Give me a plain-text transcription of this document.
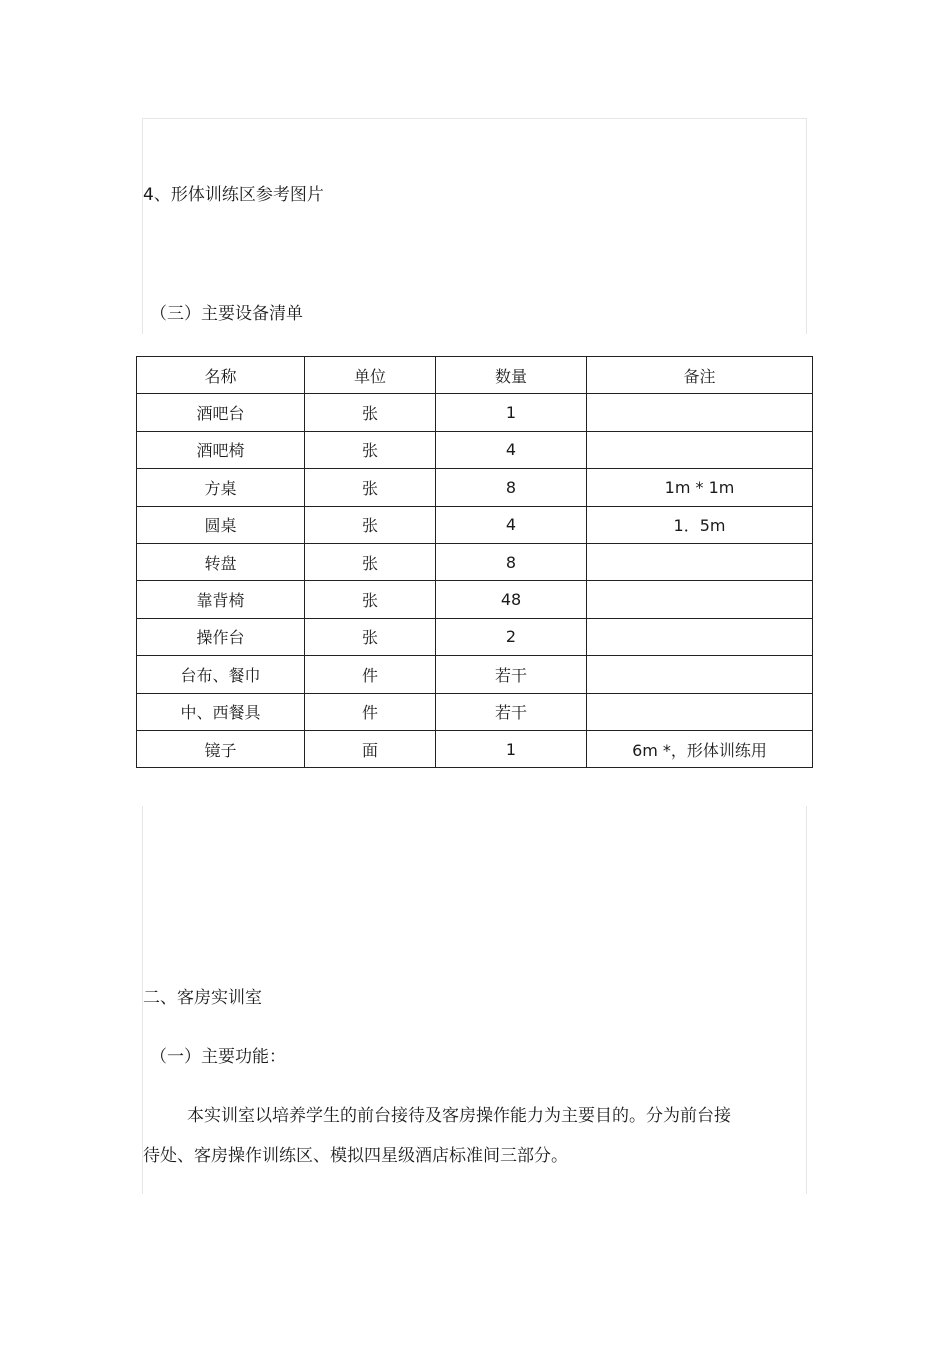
4、形体训练区参考图片
（三）主要设备清单
名称	单位	数量	备注
酒吧台	张	1	
酒吧椅	张	4	
方桌	张	8	1m * 1m
圆桌	张	4	1．5m
转盘	张	8	
靠背椅	张	48	
操作台	张	2	
台布、餐巾	件	若干	
中、西餐具	件	若干	
镜子	面	1	6m *，形体训练用
二、客房实训室
（一）主要功能：
本实训室以培养学生的前台接待及客房操作能力为主要目的。分为前台接
待处、客房操作训练区、模拟四星级酒店标准间三部分。
